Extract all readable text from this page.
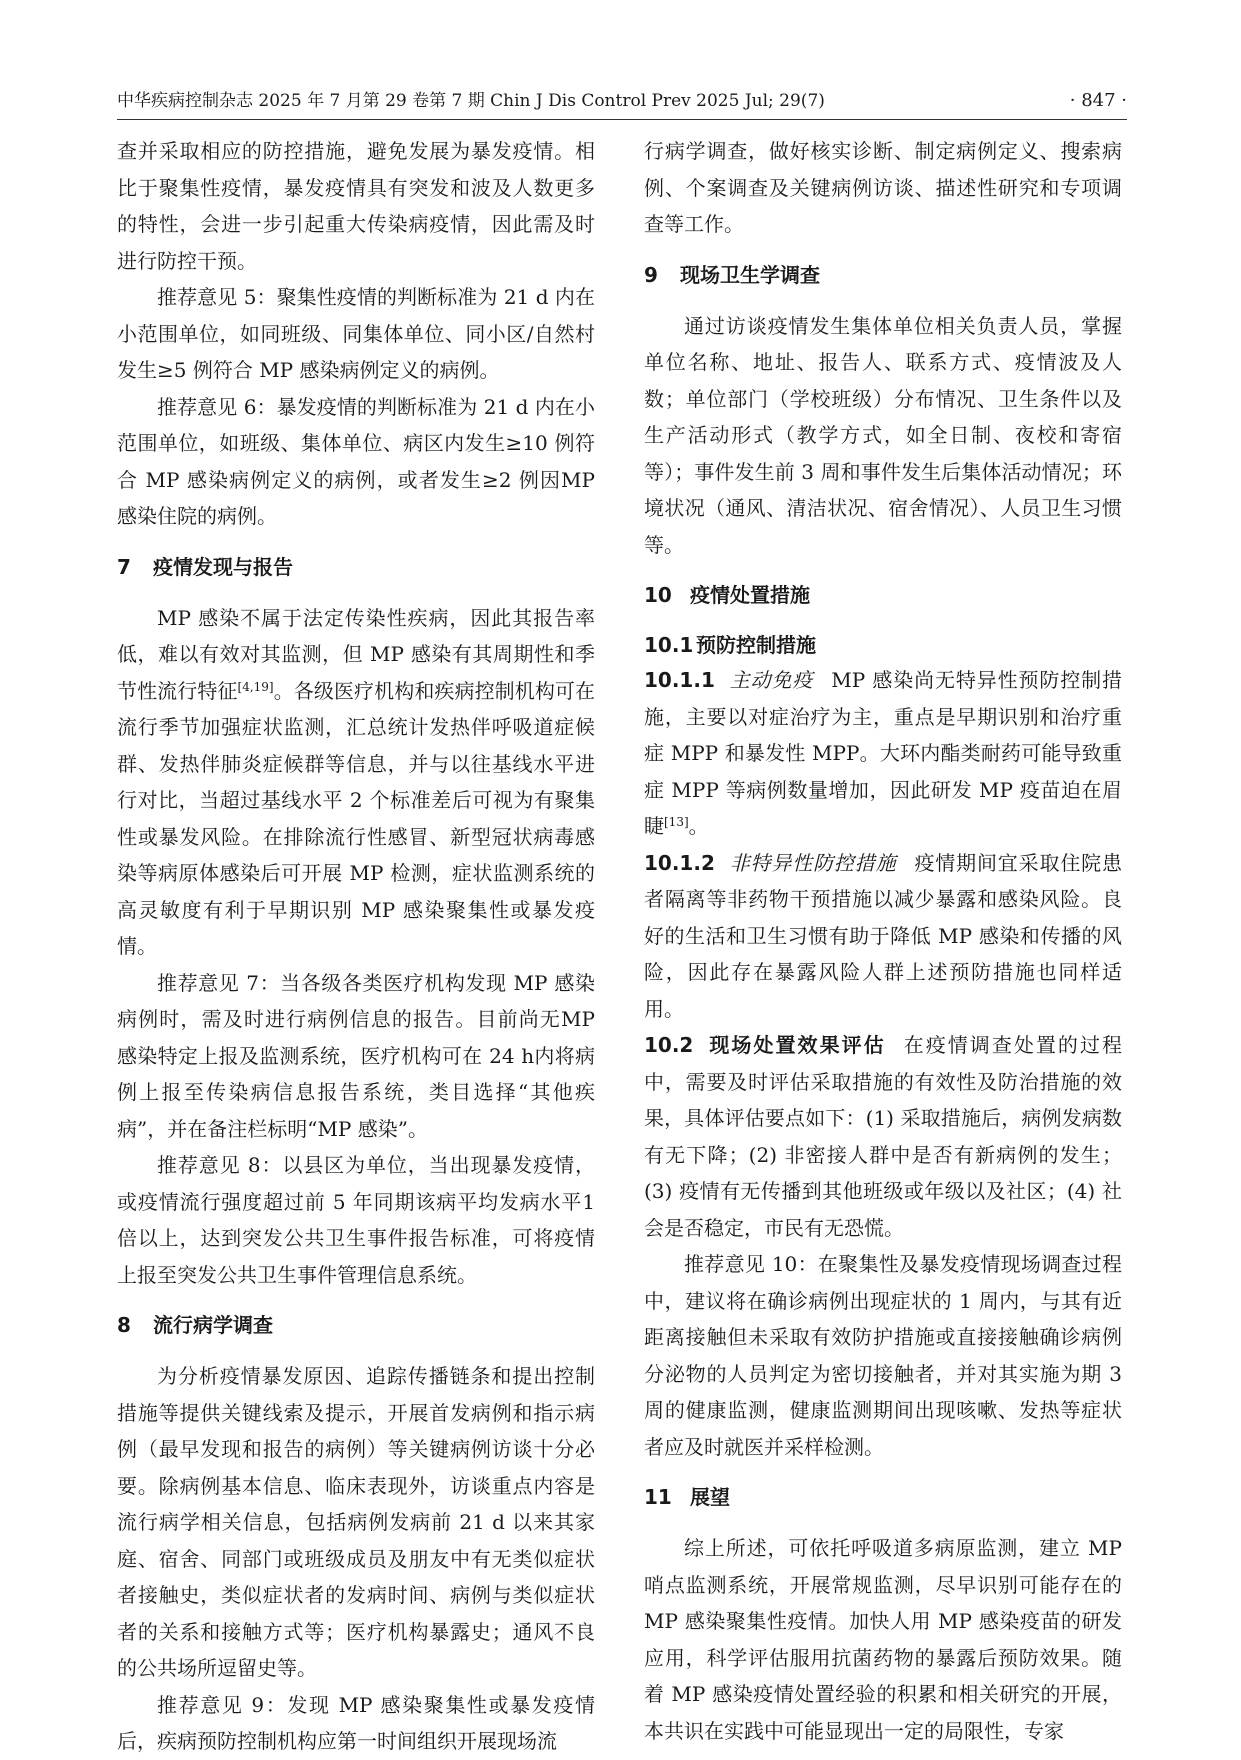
中华疾病控制杂志 2025 年 7 月第 29 卷第 7 期 Chin J Dis Control Prev 2025 Jul; 29(7)	· 847 ·

查并采取相应的防控措施，避免发展为暴发疫情。相比于聚集性疫情，暴发疫情具有突发和波及人数更多的特性，会进一步引起重大传染病疫情，因此需及时进行防控干预。

推荐意见 5：聚集性疫情的判断标准为 21 d 内在小范围单位，如同班级、同集体单位、同小区/自然村发生≥5 例符合 MP 感染病例定义的病例。

推荐意见 6：暴发疫情的判断标准为 21 d 内在小范围单位，如班级、集体单位、病区内发生≥10 例符合 MP 感染病例定义的病例，或者发生≥2 例因MP 感染住院的病例。

7 疫情发现与报告

MP 感染不属于法定传染性疾病，因此其报告率低，难以有效对其监测，但 MP 感染有其周期性和季节性流行特征[4,19]。各级医疗机构和疾病控制机构可在流行季节加强症状监测，汇总统计发热伴呼吸道症候群、发热伴肺炎症候群等信息，并与以往基线水平进行对比，当超过基线水平 2 个标准差后可视为有聚集性或暴发风险。在排除流行性感冒、新型冠状病毒感染等病原体感染后可开展 MP 检测，症状监测系统的高灵敏度有利于早期识别 MP 感染聚集性或暴发疫情。

推荐意见 7：当各级各类医疗机构发现 MP 感染病例时，需及时进行病例信息的报告。目前尚无MP 感染特定上报及监测系统，医疗机构可在 24 h内将病例上报至传染病信息报告系统，类目选择“其他疾病”，并在备注栏标明“MP 感染”。

推荐意见 8：以县区为单位，当出现暴发疫情，或疫情流行强度超过前 5 年同期该病平均发病水平1 倍以上，达到突发公共卫生事件报告标准，可将疫情上报至突发公共卫生事件管理信息系统。

8 流行病学调查

为分析疫情暴发原因、追踪传播链条和提出控制措施等提供关键线索及提示，开展首发病例和指示病例（最早发现和报告的病例）等关键病例访谈十分必要。除病例基本信息、临床表现外，访谈重点内容是流行病学相关信息，包括病例发病前 21 d 以来其家庭、宿舍、同部门或班级成员及朋友中有无类似症状者接触史，类似症状者的发病时间、病例与类似症状者的关系和接触方式等；医疗机构暴露史；通风不良的公共场所逗留史等。

推荐意见 9：发现 MP 感染聚集性或暴发疫情后，疾病预防控制机构应第一时间组织开展现场流

行病学调查，做好核实诊断、制定病例定义、搜索病例、个案调查及关键病例访谈、描述性研究和专项调查等工作。

9 现场卫生学调查

通过访谈疫情发生集体单位相关负责人员，掌握单位名称、地址、报告人、联系方式、疫情波及人数；单位部门（学校班级）分布情况、卫生条件以及生产活动形式（教学方式，如全日制、夜校和寄宿等）；事件发生前 3 周和事件发生后集体活动情况；环境状况（通风、清洁状况、宿舍情况）、人员卫生习惯等。

10 疫情处置措施
10.1 预防控制措施

10.1.1 主动免疫 MP 感染尚无特异性预防控制措施，主要以对症治疗为主，重点是早期识别和治疗重症 MPP 和暴发性 MPP。大环内酯类耐药可能导致重症 MPP 等病例数量增加，因此研发 MP 疫苗迫在眉睫[13]。

10.1.2 非特异性防控措施 疫情期间宜采取住院患者隔离等非药物干预措施以减少暴露和感染风险。良好的生活和卫生习惯有助于降低 MP 感染和传播的风险，因此存在暴露风险人群上述预防措施也同样适用。

10.2 现场处置效果评估 在疫情调查处置的过程中，需要及时评估采取措施的有效性及防治措施的效果，具体评估要点如下：(1) 采取措施后，病例发病数有无下降；(2) 非密接人群中是否有新病例的发生；(3) 疫情有无传播到其他班级或年级以及社区；(4) 社会是否稳定，市民有无恐慌。

推荐意见 10：在聚集性及暴发疫情现场调查过程中，建议将在确诊病例出现症状的 1 周内，与其有近距离接触但未采取有效防护措施或直接接触确诊病例分泌物的人员判定为密切接触者，并对其实施为期 3 周的健康监测，健康监测期间出现咳嗽、发热等症状者应及时就医并采样检测。

11 展望

综上所述，可依托呼吸道多病原监测，建立 MP哨点监测系统，开展常规监测，尽早识别可能存在的MP 感染聚集性疫情。加快人用 MP 感染疫苗的研发应用，科学评估服用抗菌药物的暴露后预防效果。随着 MP 感染疫情处置经验的积累和相关研究的开展，本共识在实践中可能显现出一定的局限性，专家
